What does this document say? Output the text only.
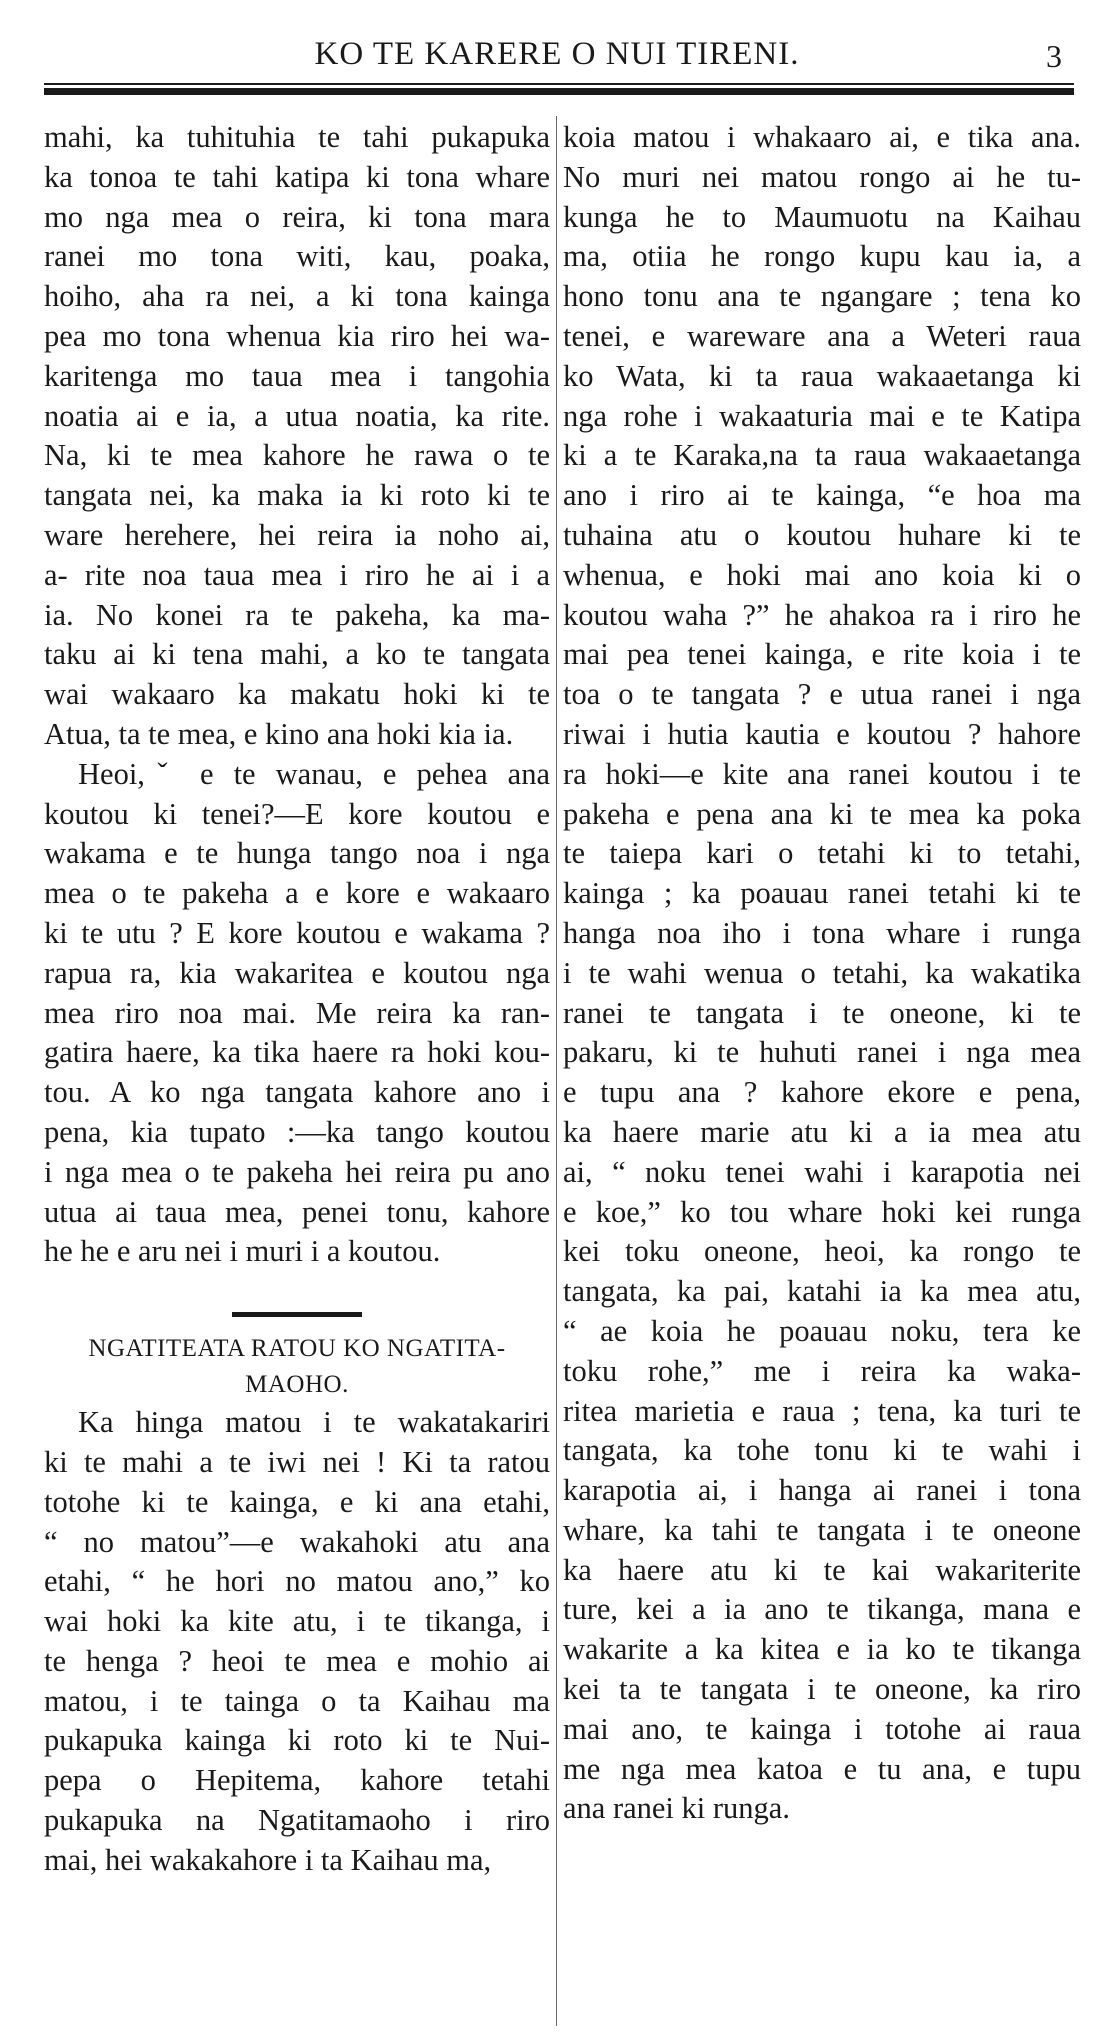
KO TE KARERE O NUI TIRENI.	3

mahi, ka tuhituhia te tahi pukapuka
ka tonoa te tahi katipa ki tona whare
mo nga mea o reira, ki tona mara
ranei mo tona witi, kau, poaka,
hoiho, aha ra nei, a ki tona kainga
pea mo tona whenua kia riro hei wa-
karitenga mo taua mea i tangohia
noatia ai e ia, a utua noatia, ka rite.
Na, ki te mea kahore he rawa o te
tangata nei, ka maka ia ki roto ki te
ware herehere, hei reira ia noho ai,
a- rite noa taua mea i riro he ai i a
ia. No konei ra te pakeha, ka ma-
taku ai ki tena mahi, a ko te tangata
wai wakaaro ka makatu hoki ki te
Atua, ta te mea, e kino ana hoki kia ia.

Heoi,ˇ e te wanau, e pehea ana
koutou ki tenei?—E kore koutou e
wakama e te hunga tango noa i nga
mea o te pakeha a e kore e wakaaro
ki te utu ? E kore koutou e wakama ?
rapua ra, kia wakaritea e koutou nga
mea riro noa mai. Me reira ka ran-
gatira haere, ka tika haere ra hoki kou-
tou. A ko nga tangata kahore ano i
pena, kia tupato :—ka tango koutou
i nga mea o te pakeha hei reira pu ano
utua ai taua mea, penei tonu, kahore
he he e aru nei i muri i a koutou.

NGATITEATA RATOU KO NGATITA-
MAOHO.

Ka hinga matou i te wakatakariri
ki te mahi a te iwi nei ! Ki ta ratou
totohe ki te kainga, e ki ana etahi,
“ no matou”—e wakahoki atu ana
etahi, “ he hori no matou ano,” ko
wai hoki ka kite atu, i te tikanga, i
te henga ? heoi te mea e mohio ai
matou, i te tainga o ta Kaihau ma
pukapuka kainga ki roto ki te Nui-
pepa o Hepitema, kahore tetahi
pukapuka na Ngatitamaoho i riro
mai, hei wakakahore i ta Kaihau ma,

koia matou i whakaaro ai, e tika ana.
No muri nei matou rongo ai he tu-
kunga he to Maumuotu na Kaihau
ma, otiia he rongo kupu kau ia, a
hono tonu ana te ngangare ; tena ko
tenei, e wareware ana a Weteri raua
ko Wata, ki ta raua wakaaetanga ki
nga rohe i wakaaturia mai e te Katipa
ki a te Karaka,na ta raua wakaaetanga
ano i riro ai te kainga, “e hoa ma
tuhaina atu o koutou huhare ki te
whenua, e hoki mai ano koia ki o
koutou waha ?” he ahakoa ra i riro he
mai pea tenei kainga, e rite koia i te
toa o te tangata ? e utua ranei i nga
riwai i hutia kautia e koutou ? hahore
ra hoki—e kite ana ranei koutou i te
pakeha e pena ana ki te mea ka poka
te taiepa kari o tetahi ki to tetahi,
kainga ; ka poauau ranei tetahi ki te
hanga noa iho i tona whare i runga
i te wahi wenua o tetahi, ka wakatika
ranei te tangata i te oneone, ki te
pakaru, ki te huhuti ranei i nga mea
e tupu ana ? kahore ekore e pena,
ka haere marie atu ki a ia mea atu
ai, “ noku tenei wahi i karapotia nei
e koe,” ko tou whare hoki kei runga
kei toku oneone, heoi, ka rongo te
tangata, ka pai, katahi ia ka mea atu,
“ ae koia he poauau noku, tera ke
toku rohe,” me i reira ka waka-
ritea marietia e raua ; tena, ka turi te
tangata, ka tohe tonu ki te wahi i
karapotia ai, i hanga ai ranei i tona
whare, ka tahi te tangata i te oneone
ka haere atu ki te kai wakariterite
ture, kei a ia ano te tikanga, mana e
wakarite a ka kitea e ia ko te tikanga
kei ta te tangata i te oneone, ka riro
mai ano, te kainga i totohe ai raua
me nga mea katoa e tu ana, e tupu
ana ranei ki runga.
